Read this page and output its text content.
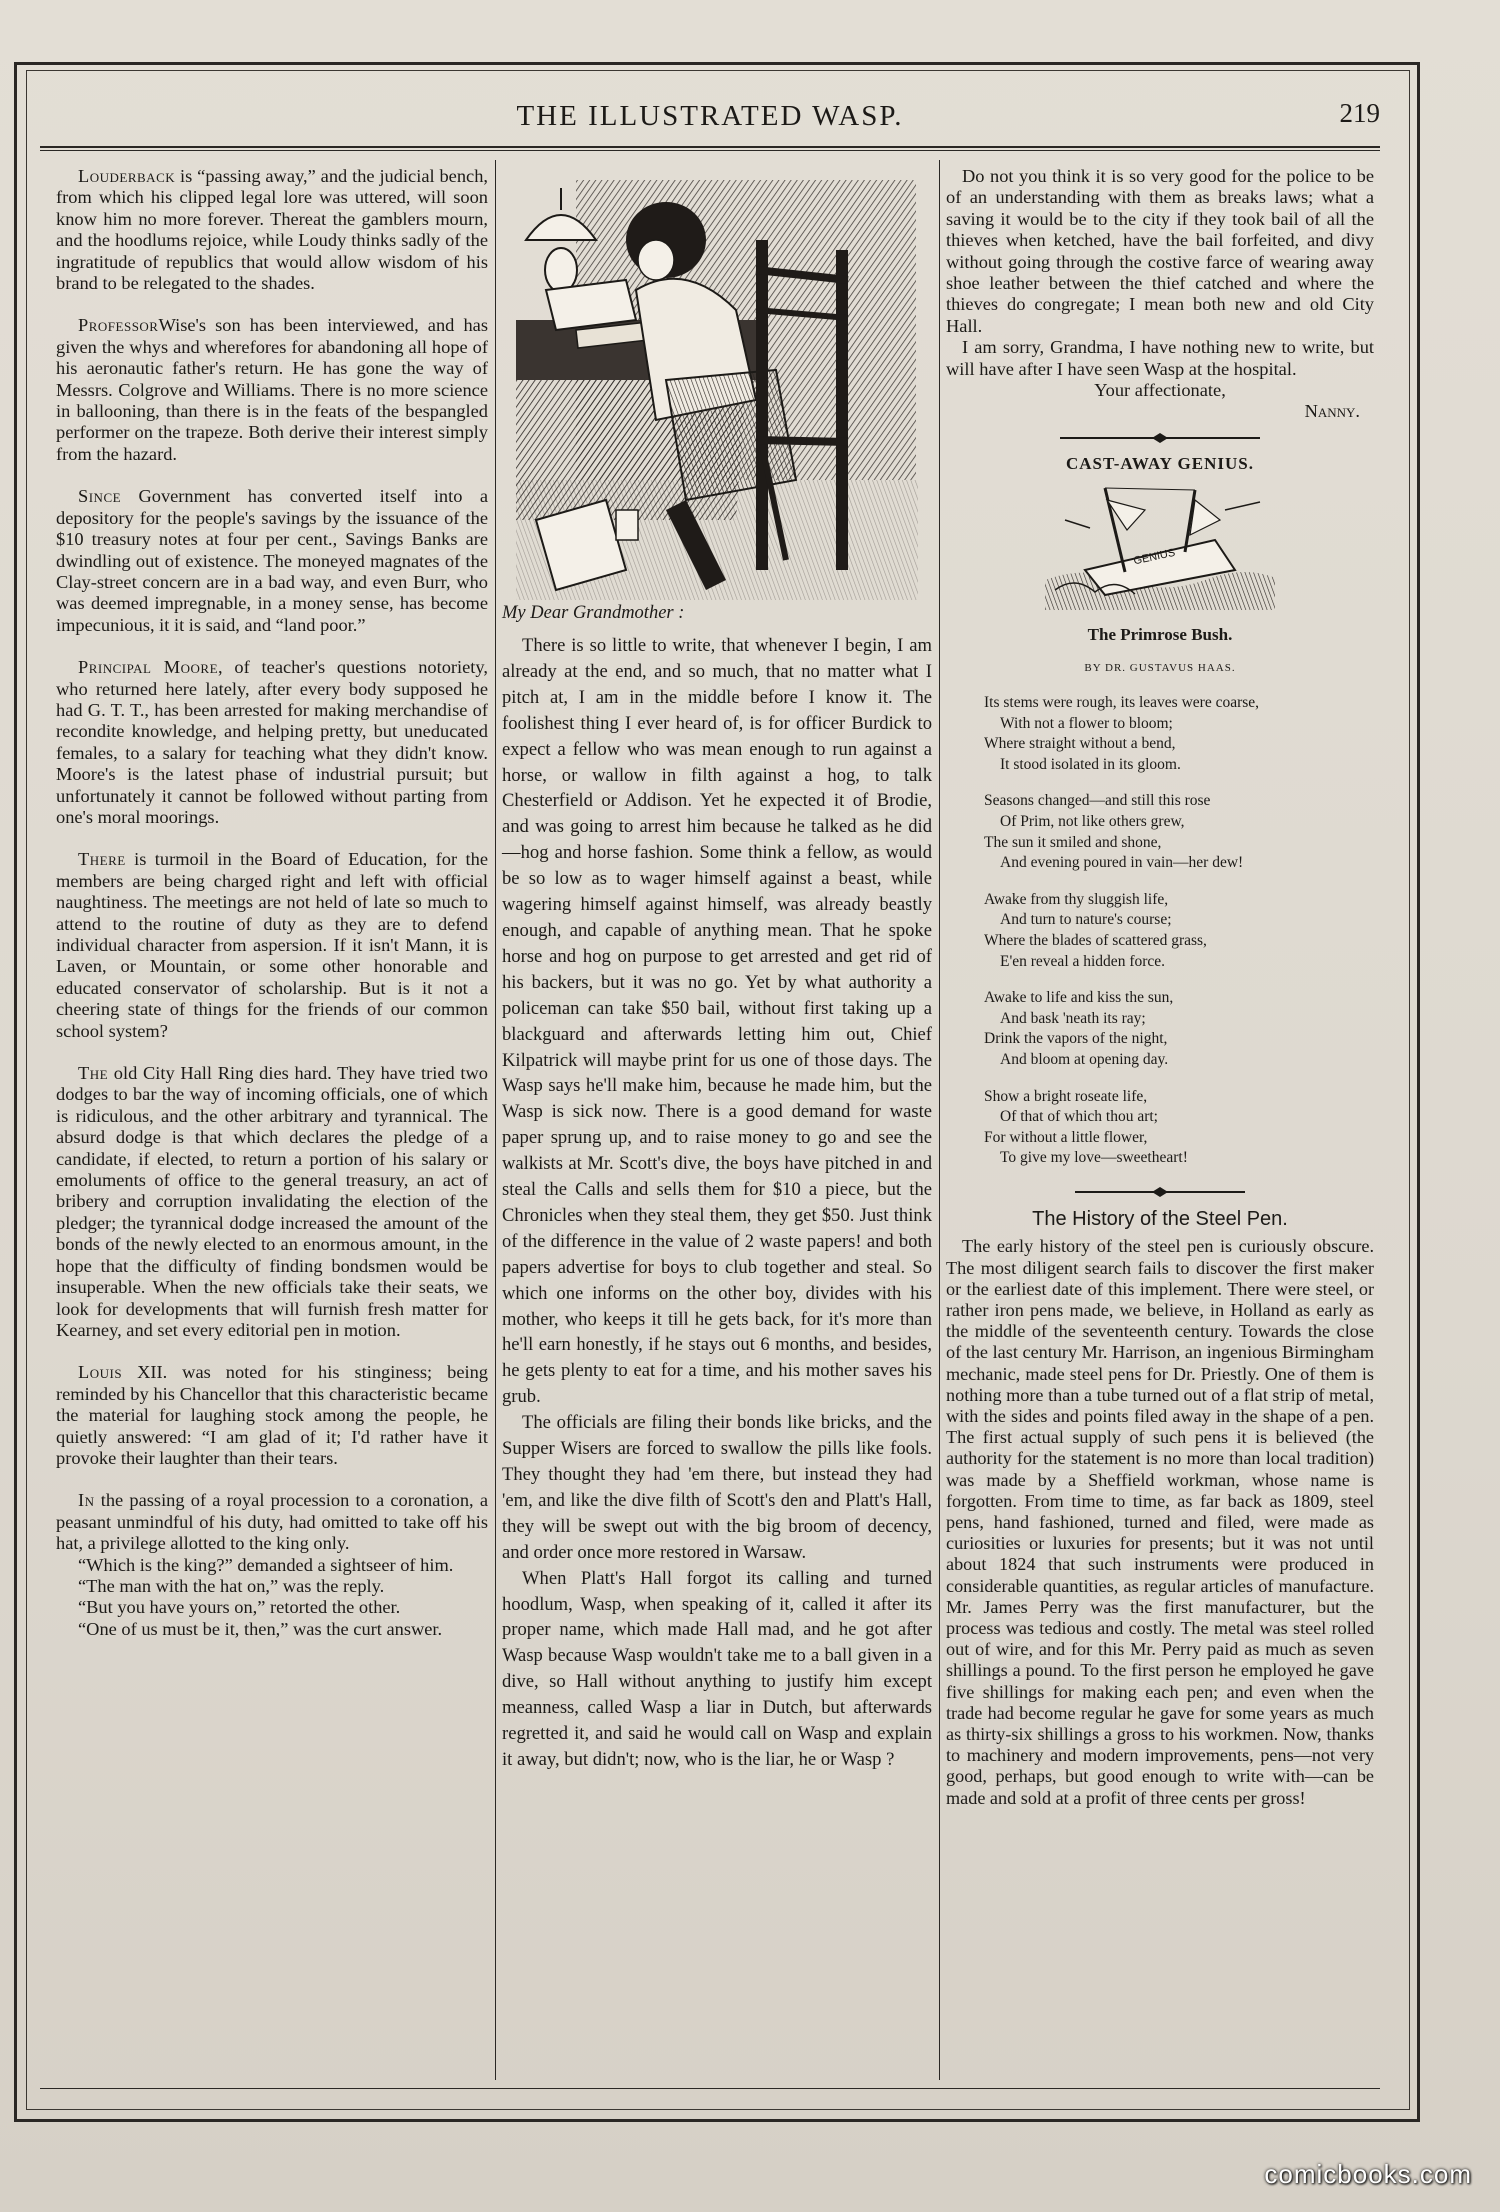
THE ILLUSTRATED WASP.	219

Louderback is “passing away,” and the judicial bench, from which his clipped legal lore was uttered, will soon know him no more forever. Thereat the gamblers mourn, and the hoodlums rejoice, while Loudy thinks sadly of the ingratitude of republics that would allow wisdom of his brand to be relegated to the shades.

ProfessorWise's son has been interviewed, and has given the whys and wherefores for abandoning all hope of his aeronautic father's return. He has gone the way of Messrs. Colgrove and Williams. There is no more science in ballooning, than there is in the feats of the bespangled performer on the trapeze. Both derive their interest simply from the hazard.

Since Government has converted itself into a depository for the people's savings by the issuance of the $10 treasury notes at four per cent., Savings Banks are dwindling out of existence. The moneyed magnates of the Clay-street concern are in a bad way, and even Burr, who was deemed impregnable, in a money sense, has become impecunious, it it is said, and “land poor.”

Principal Moore, of teacher's questions notoriety, who returned here lately, after every body supposed he had G. T. T., has been arrested for making merchandise of recondite knowledge, and helping pretty, but uneducated females, to a salary for teaching what they didn't know. Moore's is the latest phase of industrial pursuit; but unfortunately it cannot be followed without parting from one's moral moorings.

There is turmoil in the Board of Education, for the members are being charged right and left with official naughtiness. The meetings are not held of late so much to attend to the routine of duty as they are to defend individual character from aspersion. If it isn't Mann, it is Laven, or Mountain, or some other honorable and educated conservator of scholarship. But is it not a cheering state of things for the friends of our common school system?

The old City Hall Ring dies hard. They have tried two dodges to bar the way of incoming officials, one of which is ridiculous, and the other arbitrary and tyrannical. The absurd dodge is that which declares the pledge of a candidate, if elected, to return a portion of his salary or emoluments of office to the general treasury, an act of bribery and corruption invalidating the election of the pledger; the tyrannical dodge increased the amount of the bonds of the newly elected to an enormous amount, in the hope that the difficulty of finding bondsmen would be insuperable. When the new officials take their seats, we look for developments that will furnish fresh matter for Kearney, and set every editorial pen in motion.

Louis XII. was noted for his stinginess; being reminded by his Chancellor that this characteristic became the material for laughing stock among the people, he quietly answered: “I am glad of it; I'd rather have it provoke their laughter than their tears.

In the passing of a royal procession to a coronation, a peasant unmindful of his duty, had omitted to take off his hat, a privilege allotted to the king only.

“Which is the king?” demanded a sightseer of him.

“The man with the hat on,” was the reply.

“But you have yours on,” retorted the other.

“One of us must be it, then,” was the curt answer.

My Dear Grandmother :

There is so little to write, that whenever I begin, I am already at the end, and so much, that no matter what I pitch at, I am in the middle before I know it. The foolishest thing I ever heard of, is for officer Burdick to expect a fellow who was mean enough to run against a horse, or wallow in filth against a hog, to talk Chesterfield or Addison. Yet he expected it of Brodie, and was going to arrest him because he talked as he did—hog and horse fashion. Some think a fellow, as would be so low as to wager himself against a beast, while wagering himself against himself, was already beastly enough, and capable of anything mean. That he spoke horse and hog on purpose to get arrested and get rid of his backers, but it was no go. Yet by what authority a policeman can take $50 bail, without first taking up a blackguard and afterwards letting him out, Chief Kilpatrick will maybe print for us one of those days. The Wasp says he'll make him, because he made him, but the Wasp is sick now. There is a good demand for waste paper sprung up, and to raise money to go and see the walkists at Mr. Scott's dive, the boys have pitched in and steal the Calls and sells them for $10 a piece, but the Chronicles when they steal them, they get $50. Just think of the difference in the value of 2 waste papers! and both papers advertise for boys to club together and steal. So which one informs on the other boy, divides with his mother, who keeps it till he gets back, for it's more than he'll earn honestly, if he stays out 6 months, and besides, he gets plenty to eat for a time, and his mother saves his grub.

The officials are filing their bonds like bricks, and the Supper Wisers are forced to swallow the pills like fools. They thought they had 'em there, but instead they had 'em, and like the dive filth of Scott's den and Platt's Hall, they will be swept out with the big broom of decency, and order once more restored in Warsaw.

When Platt's Hall forgot its calling and turned hoodlum, Wasp, when speaking of it, called it after its proper name, which made Hall mad, and he got after Wasp because Wasp wouldn't take me to a ball given in a dive, so Hall without anything to justify him except meanness, called Wasp a liar in Dutch, but afterwards regretted it, and said he would call on Wasp and explain it away, but didn't; now, who is the liar, he or Wasp ?

Do not you think it is so very good for the police to be of an understanding with them as breaks laws; what a saving it would be to the city if they took bail of all the thieves when ketched, have the bail forfeited, and divy without going through the costive farce of wearing away shoe leather between the thief catched and where the thieves do congregate; I mean both new and old City Hall.

I am sorry, Grandma, I have nothing new to write, but will have after I have seen Wasp at the hospital.

Your affectionate,
Nanny.
CAST-AWAY GENIUS.
GENIUS
The Primrose Bush.
BY DR. GUSTAVUS HAAS.
Its stems were rough, its leaves were coarse,
With not a flower to bloom;
Where straight without a bend,
It stood isolated in its gloom.
Seasons changed—and still this rose
Of Prim, not like others grew,
The sun it smiled and shone,
And evening poured in vain—her dew!
Awake from thy sluggish life,
And turn to nature's course;
Where the blades of scattered grass,
E'en reveal a hidden force.
Awake to life and kiss the sun,
And bask 'neath its ray;
Drink the vapors of the night,
And bloom at opening day.
Show a bright roseate life,
Of that of which thou art;
For without a little flower,
To give my love—sweetheart!
The History of the Steel Pen.

The early history of the steel pen is curiously obscure. The most diligent search fails to discover the first maker or the earliest date of this implement. There were steel, or rather iron pens made, we believe, in Holland as early as the middle of the seventeenth century. Towards the close of the last century Mr. Harrison, an ingenious Birmingham mechanic, made steel pens for Dr. Priestly. One of them is nothing more than a tube turned out of a flat strip of metal, with the sides and points filed away in the shape of a pen. The first actual supply of such pens it is believed (the authority for the statement is no more than local tradition) was made by a Sheffield workman, whose name is forgotten. From time to time, as far back as 1809, steel pens, hand fashioned, turned and filed, were made as curiosities or luxuries for presents; but it was not until about 1824 that such instruments were produced in considerable quantities, as regular articles of manufacture. Mr. James Perry was the first manufacturer, but the process was tedious and costly. The metal was steel rolled out of wire, and for this Mr. Perry paid as much as seven shillings a pound. To the first person he employed he gave five shillings for making each pen; and even when the trade had become regular he gave for some years as much as thirty-six shillings a gross to his workmen. Now, thanks to machinery and modern improvements, pens—not very good, perhaps, but good enough to write with—can be made and sold at a profit of three cents per gross!

comicbooks.com
